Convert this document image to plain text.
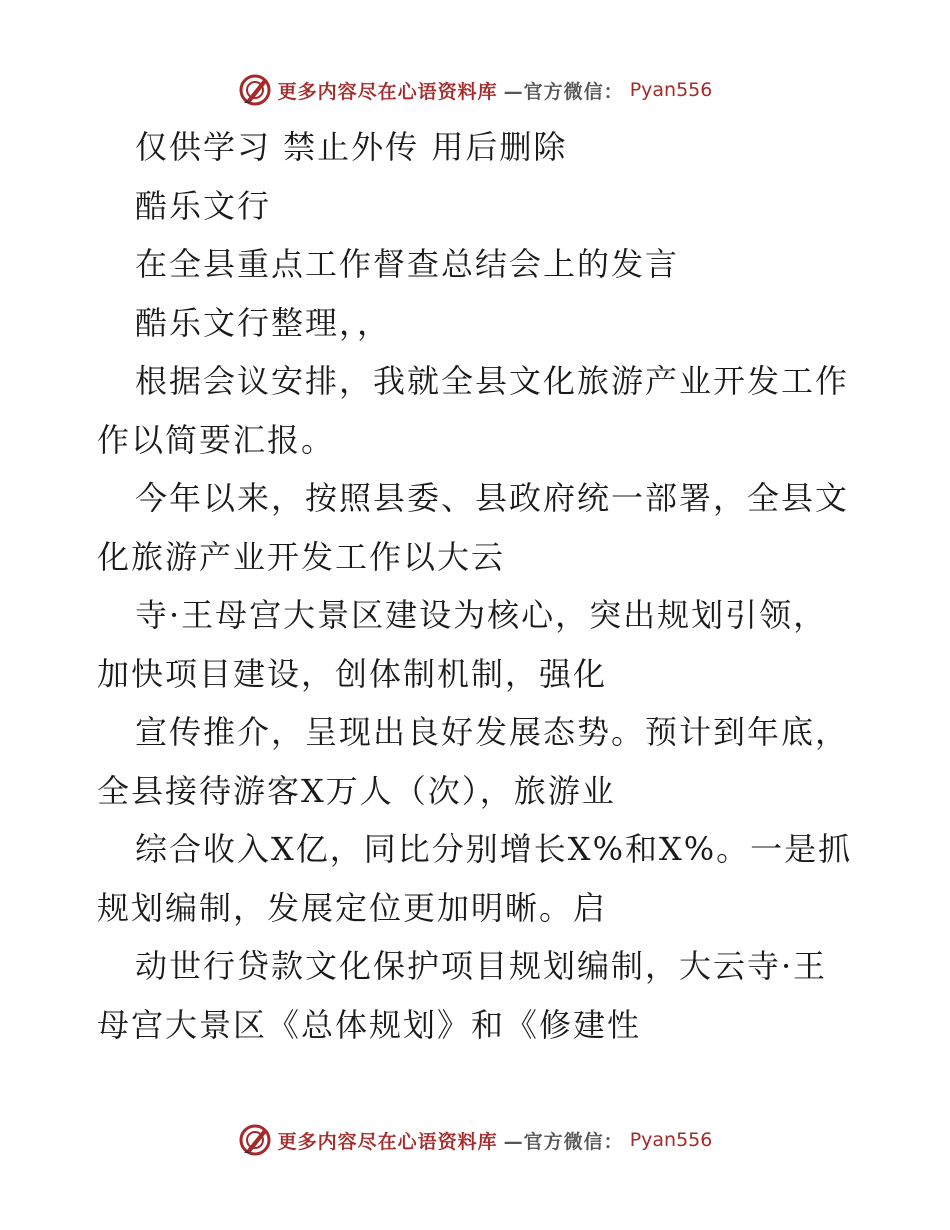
更多内容尽在心语资料库 —官方微信： Pyan556
仅供学习 禁止外传 用后删除
酷乐文行
在全县重点工作督查总结会上的发言
酷乐文行整理，，
根据会议安排，我就全县文化旅游产业开发工作
作以简要汇报。
今年以来，按照县委、县政府统一部署，全县文
化旅游产业开发工作以大云
寺·王母宫大景区建设为核心，突出规划引领，
加快项目建设，创体制机制，强化
宣传推介，呈现出良好发展态势。预计到年底，
全县接待游客X万人（次），旅游业
综合收入X亿，同比分别增长X%和X%。一是抓
规划编制，发展定位更加明晰。启
动世行贷款文化保护项目规划编制，大云寺·王
母宫大景区《总体规划》和《修建性
更多内容尽在心语资料库 —官方微信： Pyan556
